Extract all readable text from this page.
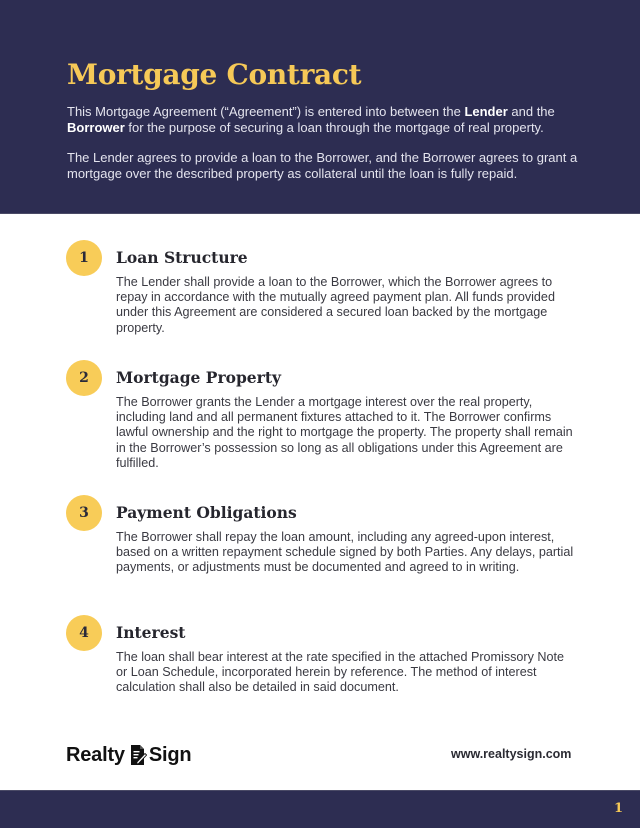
Mortgage Contract

This Mortgage Agreement (“Agreement”) is entered into between the Lender and the
Borrower for the purpose of securing a loan through the mortgage of real property.

The Lender agrees to provide a loan to the Borrower, and the Borrower agrees to grant a mortgage over the described property as collateral until the loan is fully repaid.

1	Loan Structure

The Lender shall provide a loan to the Borrower, which the Borrower agrees to repay in accordance with the mutually agreed payment plan. All funds provided under this Agreement are considered a secured loan backed by the mortgage property.

2	Mortgage Property

The Borrower grants the Lender a mortgage interest over the real property, including land and all permanent fixtures attached to it. The Borrower confirms lawful ownership and the right to mortgage the property. The property shall remain in the Borrower’s possession so long as all obligations under this Agreement are fulfilled.

3	Payment Obligations

The Borrower shall repay the loan amount, including any agreed-upon interest, based on a written repayment schedule signed by both Parties. Any delays, partial payments, or adjustments must be documented and agreed to in writing.

4	Interest

The loan shall bear interest at the rate specified in the attached Promissory Note or Loan Schedule, incorporated herein by reference. The method of interest calculation shall also be detailed in said document.

Realty Sign	www.realtysign.com
1
